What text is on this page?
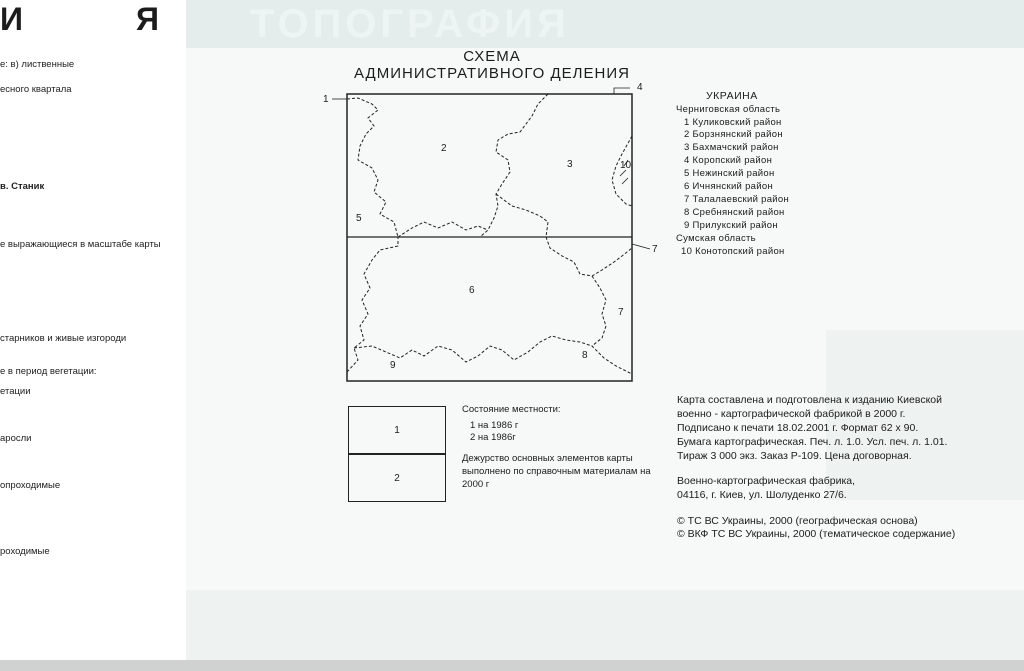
ТОПОГРАФИЯ
И	Я
е: в) лиственные
есного квартала
в. Станик
е выражающиеся в масштабе карты
старников и живые изгороди
е в период вегетации:
етации
ароcли
опроходимые
роходимые
СХЕМА
АДМИНИСТРАТИВНОГО ДЕЛЕНИЯ
1
2
3
4
5
6
7
7
8
9
10
УКРАИНА
Черниговская область
1 Куликовский район
2 Борзнянский район
3 Бахмачский район
4 Коропский район
5 Нежинский район
6 Ичнянский район
7 Талалаевский район
8 Сребнянский район
9 Прилукский район
Сумская область
10 Конотопский район
1
2
Состояние местности:
1 на 1986 г
2 на 1986г
Дежурство основных элементов карты выполнено по справочным материалам на 2000 г
Карта составлена и подготовлена к изданию Киевской
военно - картографической фабрикой в 2000 г.
Подписано к печати 18.02.2001 г. Формат 62 x 90.
Бумага картографическая. Печ. л. 1.0. Усл. печ. л. 1.01.
Тираж 3 000 экз. Заказ Р-109. Цена договорная.
Военно-картографическая фабрика,
04116, г. Киев, ул. Шолуденко 27/6.
© ТС ВС Украины, 2000 (географическая основа)
© ВКФ ТС ВС Украины, 2000 (тематическое содержание)
